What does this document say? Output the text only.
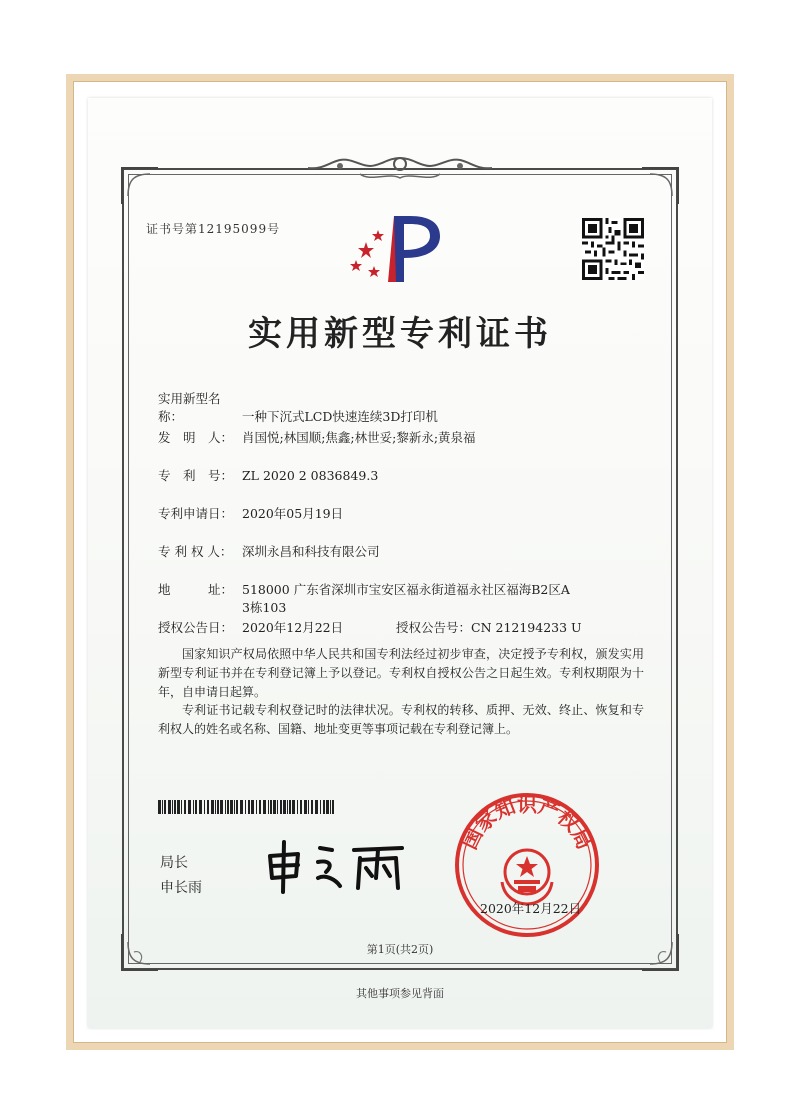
证书号第12195099号
实用新型专利证书
实用新型名称：	一种下沉式LCD快速连续3D打印机
发　明　人： 肖国悦;林国顺;焦鑫;林世妥;黎新永;黄泉福
专　利　号： ZL 2020 2 0836849.3
专利申请日： 2020年05月19日
专 利 权 人： 深圳永昌和科技有限公司
地　　　址： 518000 广东省深圳市宝安区福永街道福永社区福海B2区A
3栋103
授权公告日： 2020年12月22日	授权公告号：CN 212194233 U
国家知识产权局依照中华人民共和国专利法经过初步审查，决定授予专利权，颁发实用新型专利证书并在专利登记簿上予以登记。专利权自授权公告之日起生效。专利权期限为十年，自申请日起算。
专利证书记载专利权登记时的法律状况。专利权的转移、质押、无效、终止、恢复和专利权人的姓名或名称、国籍、地址变更等事项记载在专利登记簿上。
局长
申长雨
国家知识产权局
2020年12月22日
第1页(共2页)
其他事项参见背面
